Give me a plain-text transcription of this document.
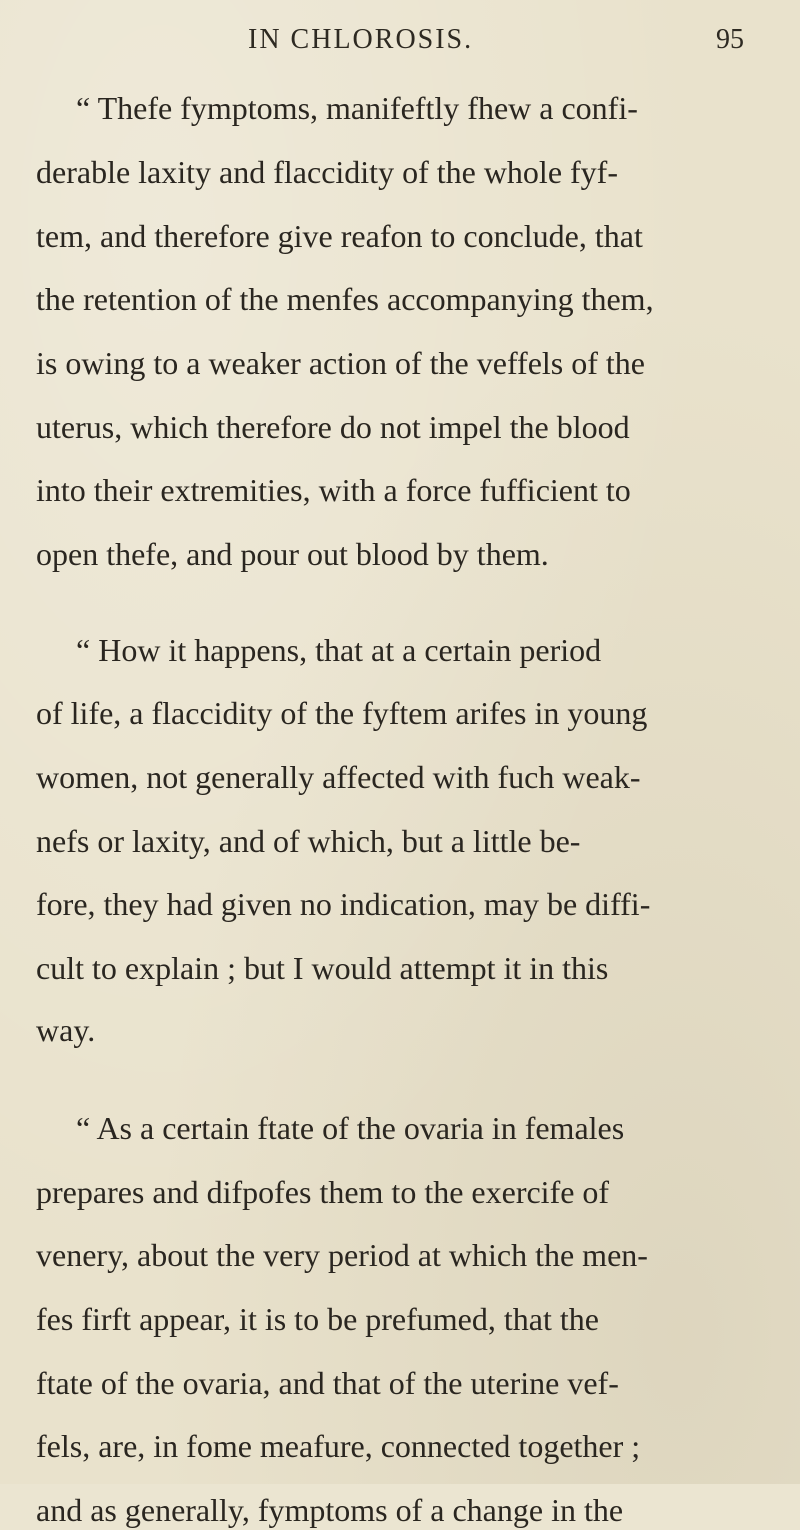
IN CHLOROSIS.	95
“ Thefe fymptoms, manifeftly fhew a confi-
derable laxity and flaccidity of the whole fyf-
tem, and therefore give reafon to conclude, that
the retention of the menfes accompanying them,
is owing to a weaker action of the veffels of the
uterus, which therefore do not impel the blood
into their extremities, with a force fufficient to
open thefe, and pour out blood by them.
“ How it happens, that at a certain period
of life, a flaccidity of the fyftem arifes in young
women, not generally affected with fuch weak-
nefs or laxity, and of which, but a little be-
fore, they had given no indication, may be diffi-
cult to explain ; but I would attempt it in this
way.
“ As a certain ftate of the ovaria in females
prepares and difpofes them to the exercife of
venery, about the very period at which the men-
fes firft appear, it is to be prefumed, that the
ftate of the ovaria, and that of the uterine vef-
fels, are, in fome meafure, connected together ;
and as generally, fymptoms of a change in the
